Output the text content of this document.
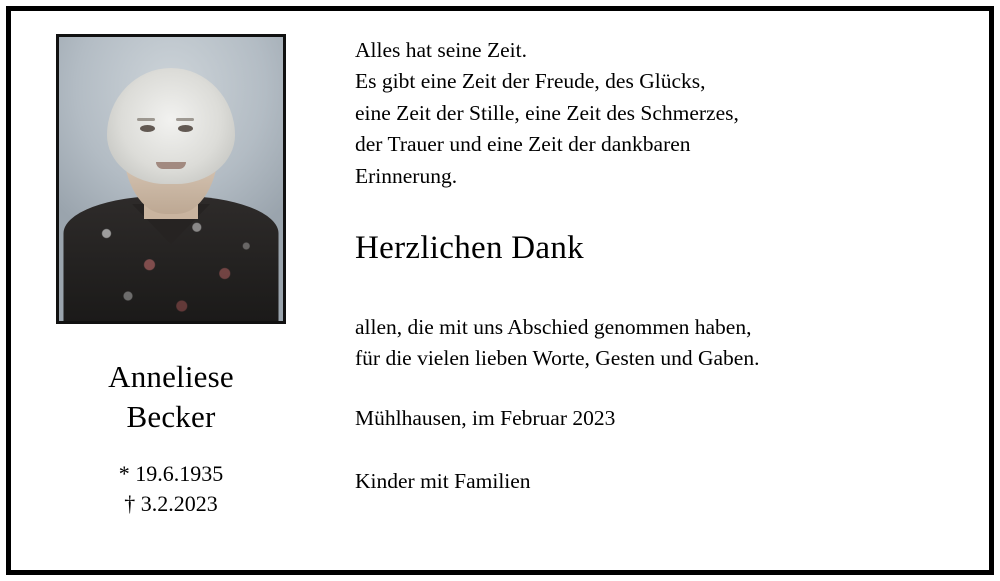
Anneliese
Becker
* 19.6.1935
† 3.2.2023
Alles hat seine Zeit.
Es gibt eine Zeit der Freude, des Glücks,
eine Zeit der Stille, eine Zeit des Schmerzes,
der Trauer und eine Zeit der dankbaren
Erinnerung.
Herzlichen Dank
allen, die mit uns Abschied genommen haben,
für die vielen lieben Worte, Gesten und Gaben.
Mühlhausen, im Februar 2023
Kinder mit Familien
